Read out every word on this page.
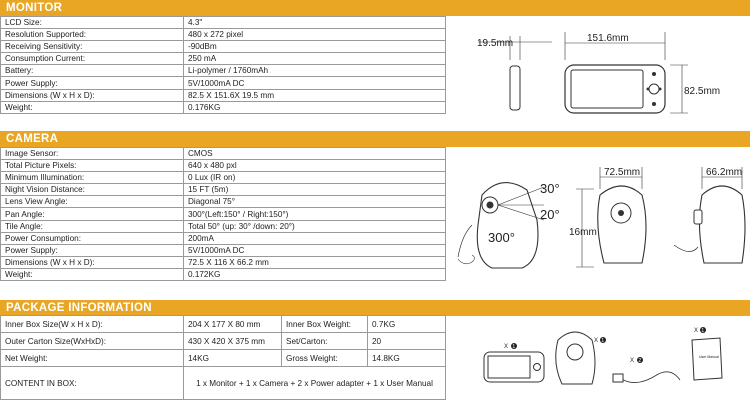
MONITOR
LCD Size:	4.3"
Resolution Supported:	480 x 272 pixel
Receiving Sensitivity:	-90dBm
Consumption Current:	250 mA
Battery:	Li-polymer / 1760mAh
Power Supply:	5V/1000mA DC
Dimensions (W x H x D):	82.5 X 151.6X 19.5 mm
Weight:	0.176KG
19.5mm	151.6mm
82.5mm
CAMERA
Image Sensor:	CMOS
Total Picture Pixels:	640 x 480 pxl
Minimum Illumination:	0 Lux (IR on)
Night Vision Distance:	15 FT (5m)
Lens View Angle:	Diagonal 75°
Pan Angle:	300°(Left:150° / Right:150°)
Tile Angle:	Total 50° (up: 30° /down: 20°)
Power Consumption:	200mA
Power Supply:	5V/1000mA DC
Dimensions (W x H x D):	72.5 X 116 X 66.2 mm
Weight:	0.172KG
30°
20°
300°
72.5mm
16mm
66.2mm
PACKAGE INFORMATION
Inner Box Size(W x H x D):	204 X 177 X 80 mm	Inner Box Weight:	0.7KG
Outer Carton Size(WxHxD):	430 X 420 X 375 mm	Set/Carton:	20
Net Weight:	14KG	Gross Weight:	14.8KG
CONTENT IN BOX:	1 x Monitor + 1 x Camera + 2 x Power adapter + 1 x User Manual		
X 1
X 1
X 2
User Manual
X 1
